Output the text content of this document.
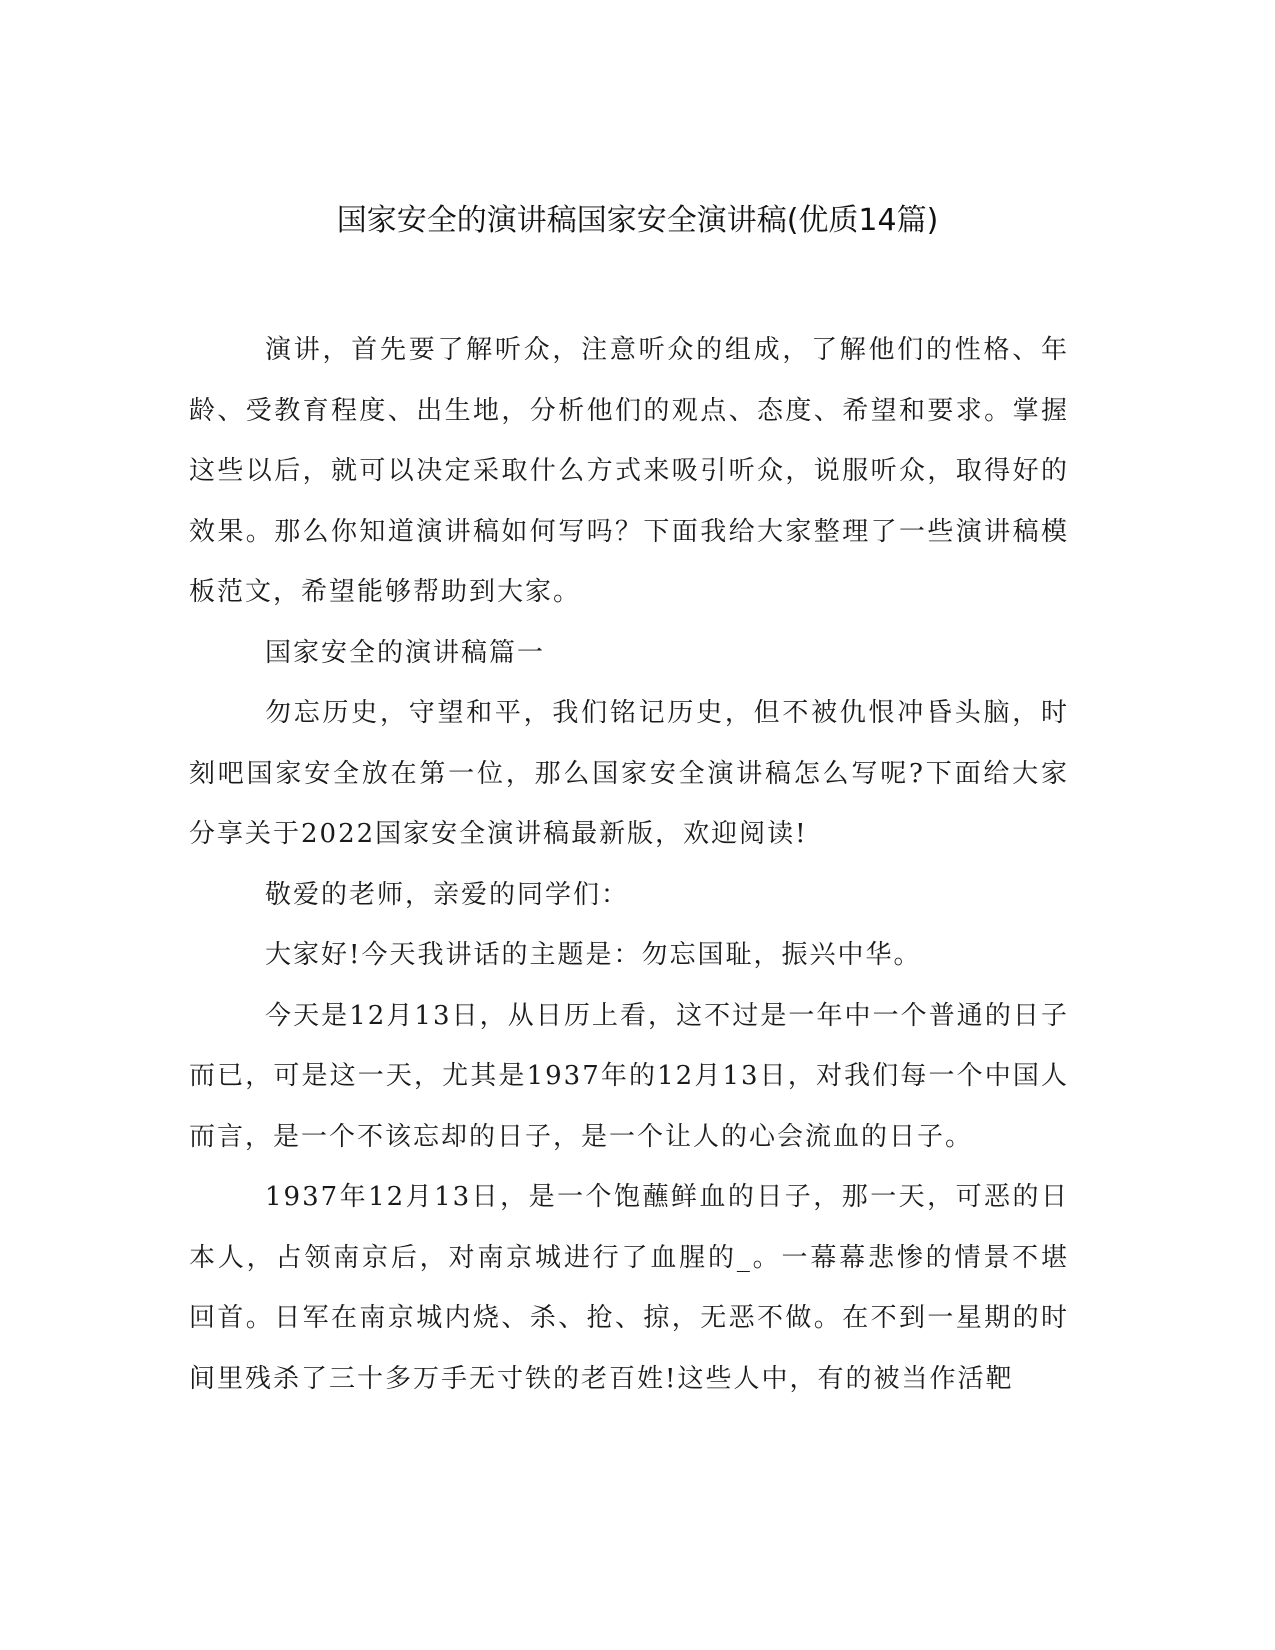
国家安全的演讲稿国家安全演讲稿(优质14篇)

演讲，首先要了解听众，注意听众的组成，了解他们的性格、年龄、受教育程度、出生地，分析他们的观点、态度、希望和要求。掌握这些以后，就可以决定采取什么方式来吸引听众，说服听众，取得好的效果。那么你知道演讲稿如何写吗？下面我给大家整理了一些演讲稿模板范文，希望能够帮助到大家。

国家安全的演讲稿篇一

勿忘历史，守望和平，我们铭记历史，但不被仇恨冲昏头脑，时刻吧国家安全放在第一位，那么国家安全演讲稿怎么写呢?下面给大家分享关于2022国家安全演讲稿最新版，欢迎阅读!

敬爱的老师，亲爱的同学们：

大家好!今天我讲话的主题是：勿忘国耻，振兴中华。

今天是12月13日，从日历上看，这不过是一年中一个普通的日子而已，可是这一天，尤其是1937年的12月13日，对我们每一个中国人而言，是一个不该忘却的日子，是一个让人的心会流血的日子。

1937年12月13日，是一个饱蘸鲜血的日子，那一天，可恶的日本人，占领南京后，对南京城进行了血腥的_。一幕幕悲惨的情景不堪回首。日军在南京城内烧、杀、抢、掠，无恶不做。在不到一星期的时间里残杀了三十多万手无寸铁的老百姓!这些人中，有的被当作活靶
